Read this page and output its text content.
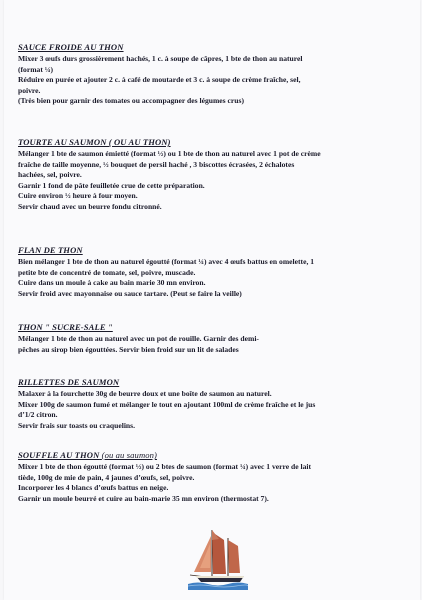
SAUCE FROIDE AU THON

Mixer 3 œufs durs grossièrement hachés, 1 c. à soupe de câpres, 1 bte de thon au naturel

(format ¼)

Réduire en purée et ajouter 2 c. à café de moutarde et 3 c. à soupe de crème fraîche, sel,

poivre.

(Très bien pour garnir des tomates ou accompagner des légumes crus)

TOURTE AU SAUMON ( OU AU THON)

Mélanger 1 bte de saumon émietté (format ½) ou 1 bte de thon au naturel avec 1 pot de crème

fraîche de taille moyenne, ½ bouquet de persil haché , 3 biscottes écrasées, 2 échalotes

hachées, sel, poivre.

Garnir 1 fond de pâte feuilletée crue de cette préparation.

Cuire environ ½ heure à four moyen.

Servir chaud avec un beurre fondu citronné.

FLAN DE THON

Bien mélanger 1 bte de thon au naturel égoutté (format ¼) avec 4 œufs battus en omelette, 1

petite bte de concentré de tomate, sel, poivre, muscade.

Cuire dans un moule à cake au bain marie 30 mn environ.

Servir froid avec mayonnaise ou sauce tartare. (Peut se faire la veille)

THON " SUCRE-SALE "

Mélanger 1 bte de thon au naturel avec un pot de rouille. Garnir des demi-

pêches au sirop bien égouttées. Servir bien froid sur un lit de salades

RILLETTES DE SAUMON

Malaxer à la fourchette 30g de beurre doux et une boîte de saumon au naturel.

Mixer 100g de saumon fumé et mélanger le tout en ajoutant 100ml de crème fraîche et le jus

d’1/2 citron.

Servir frais sur toasts ou craquelins.

SOUFFLE AU THON (ou au saumon)

Mixer 1 bte de thon égoutté (format ½) ou 2 btes de saumon (format ¼) avec 1 verre de lait

tiède, 100g de mie de pain, 4 jaunes d’œufs, sel, poivre.

Incorporer les 4 blancs d’œufs battus en neige.

Garnir un moule beurré et cuire au bain-marie 35 mn environ (thermostat 7).
